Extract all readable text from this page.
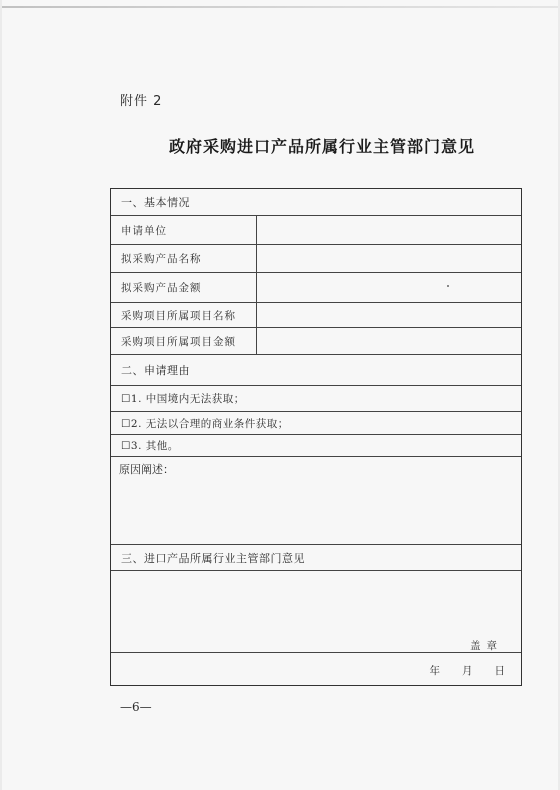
附件 2
政府采购进口产品所属行业主管部门意见
一、基本情况
申请单位
拟采购产品名称
拟采购产品金额
采购项目所属项目名称
采购项目所属项目金额
二、申请理由
☐1. 中国境内无法获取；
☐2. 无法以合理的商业条件获取；
☐3. 其他。
原因阐述：
三、进口产品所属行业主管部门意见
盖章
年 月 日
—6—
